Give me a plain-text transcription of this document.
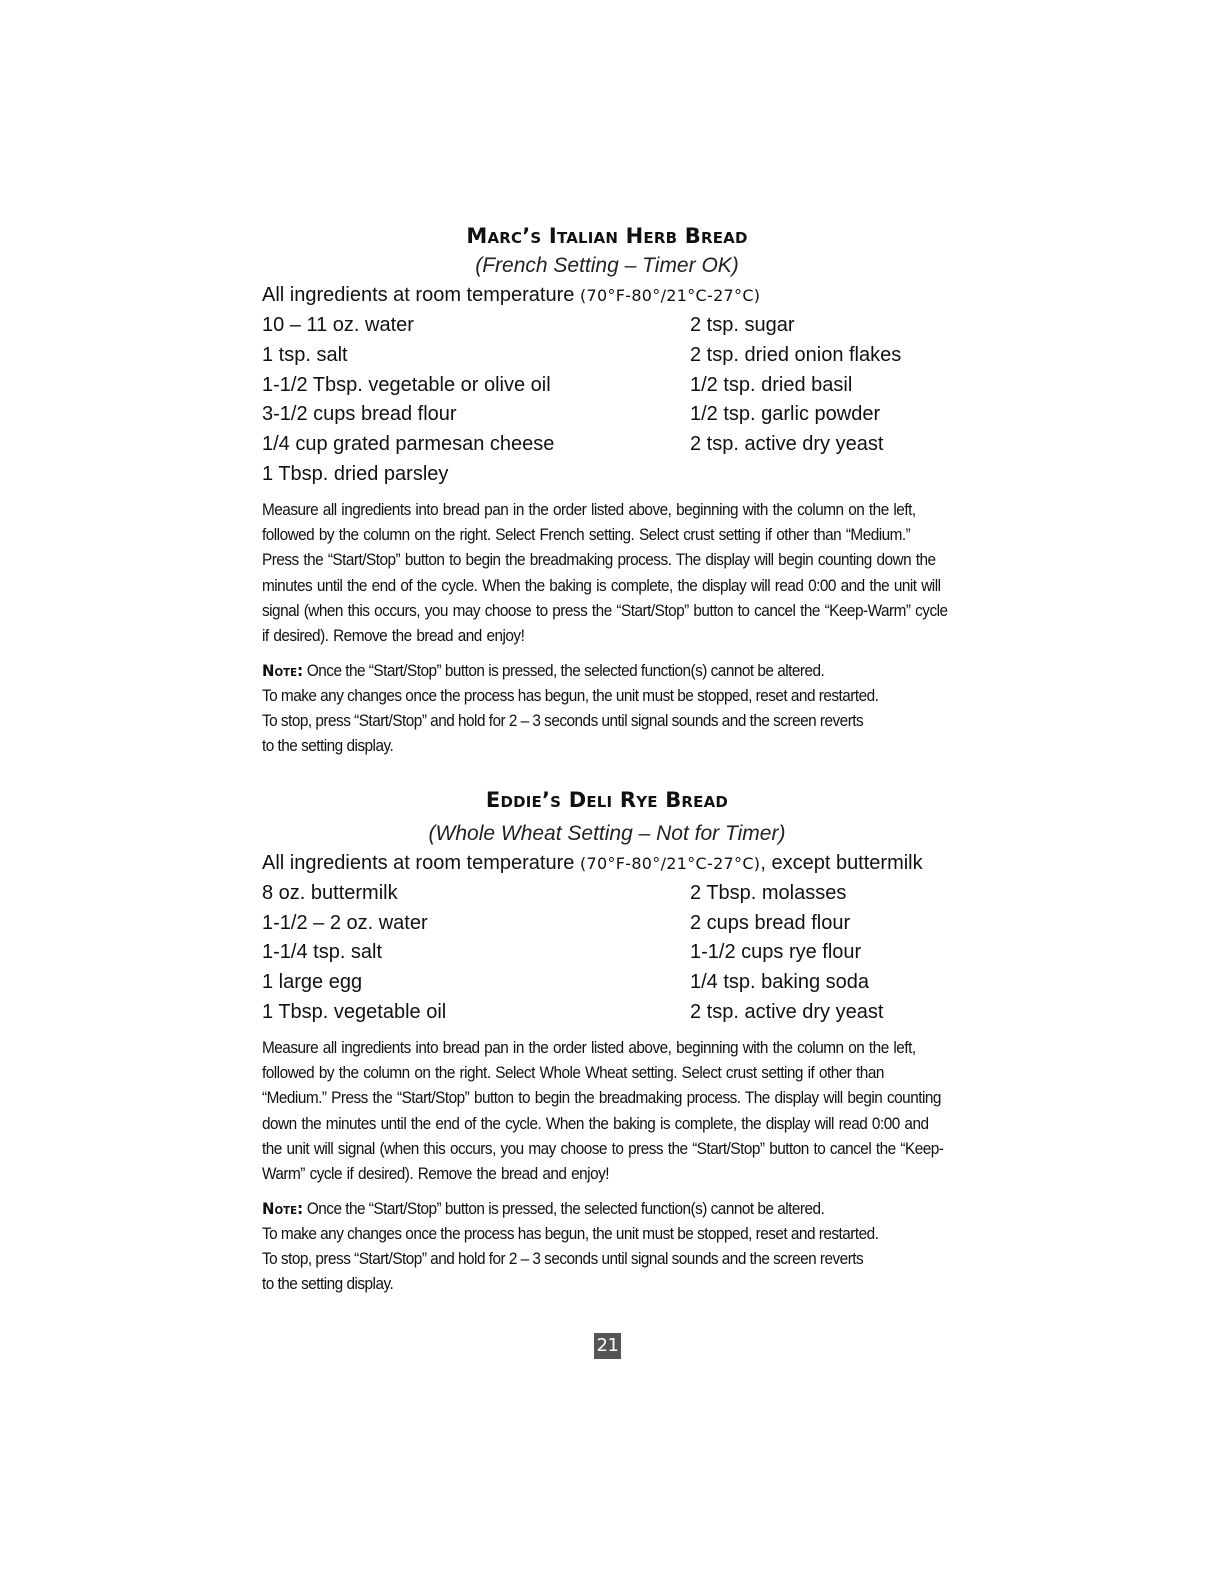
Marc’s Italian Herb Bread

(French Setting – Timer OK)

All ingredients at room temperature (70°F-80°/21°C-27°C)

10 – 11 oz. water
1 tsp. salt
1-1/2 Tbsp. vegetable or olive oil
3-1/2 cups bread flour
1/4 cup grated parmesan cheese
1 Tbsp. dried parsley
2 tsp. sugar
2 tsp. dried onion flakes
1/2 tsp. dried basil
1/2 tsp. garlic powder
2 tsp. active dry yeast

Measure all ingredients into bread pan in the order listed above, beginning with the column on the left, followed by the column on the right. Select French setting. Select crust setting if other than “Medium.” Press the “Start/Stop” button to begin the breadmaking process. The display will begin counting down the minutes until the end of the cycle. When the baking is complete, the display will read 0:00 and the unit will signal (when this occurs, you may choose to press the “Start/Stop” button to cancel the “Keep-Warm” cycle if desired). Remove the bread and enjoy!

Note: Once the “Start/Stop” button is pressed, the selected function(s) cannot be altered.
To make any changes once the process has begun, the unit must be stopped, reset and restarted.
To stop, press “Start/Stop” and hold for 2 – 3 seconds until signal sounds and the screen reverts
to the setting display.

Eddie’s Deli Rye Bread

(Whole Wheat Setting – Not for Timer)

All ingredients at room temperature (70°F-80°/21°C-27°C), except buttermilk

8 oz. buttermilk
1-1/2 – 2 oz. water
1-1/4 tsp. salt
1 large egg
1 Tbsp. vegetable oil
2 Tbsp. molasses
2 cups bread flour
1-1/2 cups rye flour
1/4 tsp. baking soda
2 tsp. active dry yeast

Measure all ingredients into bread pan in the order listed above, beginning with the column on the left, followed by the column on the right. Select Whole Wheat setting. Select crust setting if other than “Medium.” Press the “Start/Stop” button to begin the breadmaking process. The display will begin counting down the minutes until the end of the cycle. When the baking is complete, the display will read 0:00 and the unit will signal (when this occurs, you may choose to press the “Start/Stop” button to cancel the “Keep-Warm” cycle if desired). Remove the bread and enjoy!

Note: Once the “Start/Stop” button is pressed, the selected function(s) cannot be altered.
To make any changes once the process has begun, the unit must be stopped, reset and restarted.
To stop, press “Start/Stop” and hold for 2 – 3 seconds until signal sounds and the screen reverts
to the setting display.

21
